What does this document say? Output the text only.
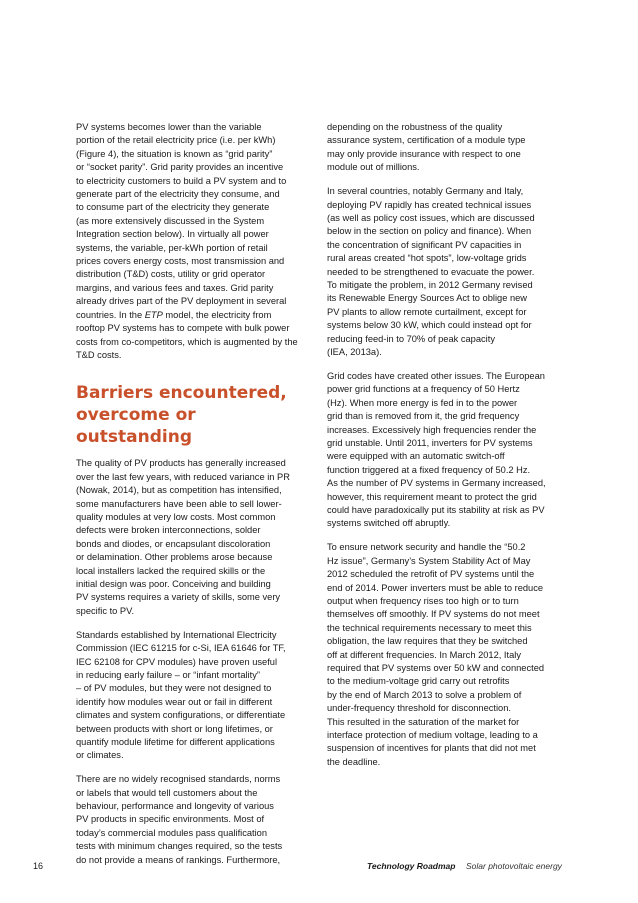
PV systems becomes lower than the variable
portion of the retail electricity price (i.e. per kWh)
(Figure 4), the situation is known as “grid parity”
or “socket parity”. Grid parity provides an incentive
to electricity customers to build a PV system and to
generate part of the electricity they consume, and
to consume part of the electricity they generate
(as more extensively discussed in the System
Integration section below). In virtually all power
systems, the variable, per-kWh portion of retail
prices covers energy costs, most transmission and
distribution (T&D) costs, utility or grid operator
margins, and various fees and taxes. Grid parity
already drives part of the PV deployment in several
countries. In the ETP model, the electricity from
rooftop PV systems has to compete with bulk power
costs from co-competitors, which is augmented by the
T&D costs.

Barriers encountered,
overcome or outstanding

The quality of PV products has generally increased
over the last few years, with reduced variance in PR
(Nowak, 2014), but as competition has intensified,
some manufacturers have been able to sell lower-
quality modules at very low costs. Most common
defects were broken interconnections, solder
bonds and diodes, or encapsulant discoloration
or delamination. Other problems arose because
local installers lacked the required skills or the
initial design was poor. Conceiving and building
PV systems requires a variety of skills, some very
specific to PV.

Standards established by International Electricity
Commission (IEC 61215 for c-Si, IEA 61646 for TF,
IEC 62108 for CPV modules) have proven useful
in reducing early failure – or “infant mortality”
– of PV modules, but they were not designed to
identify how modules wear out or fail in different
climates and system configurations, or differentiate
between products with short or long lifetimes, or
quantify module lifetime for different applications
or climates.

There are no widely recognised standards, norms
or labels that would tell customers about the
behaviour, performance and longevity of various
PV products in specific environments. Most of
today’s commercial modules pass qualification
tests with minimum changes required, so the tests
do not provide a means of rankings. Furthermore,

depending on the robustness of the quality
assurance system, certification of a module type
may only provide insurance with respect to one
module out of millions.

In several countries, notably Germany and Italy,
deploying PV rapidly has created technical issues
(as well as policy cost issues, which are discussed
below in the section on policy and finance). When
the concentration of significant PV capacities in
rural areas created “hot spots”, low-voltage grids
needed to be strengthened to evacuate the power.
To mitigate the problem, in 2012 Germany revised
its Renewable Energy Sources Act to oblige new
PV plants to allow remote curtailment, except for
systems below 30 kW, which could instead opt for
reducing feed-in to 70% of peak capacity
(IEA, 2013a).

Grid codes have created other issues. The European
power grid functions at a frequency of 50 Hertz
(Hz). When more energy is fed in to the power
grid than is removed from it, the grid frequency
increases. Excessively high frequencies render the
grid unstable. Until 2011, inverters for PV systems
were equipped with an automatic switch-off
function triggered at a fixed frequency of 50.2 Hz.
As the number of PV systems in Germany increased,
however, this requirement meant to protect the grid
could have paradoxically put its stability at risk as PV
systems switched off abruptly.

To ensure network security and handle the “50.2
Hz issue”, Germany’s System Stability Act of May
2012 scheduled the retrofit of PV systems until the
end of 2014. Power inverters must be able to reduce
output when frequency rises too high or to turn
themselves off smoothly. If PV systems do not meet
the technical requirements necessary to meet this
obligation, the law requires that they be switched
off at different frequencies. In March 2012, Italy
required that PV systems over 50 kW and connected
to the medium-voltage grid carry out retrofits
by the end of March 2013 to solve a problem of
under-frequency threshold for disconnection.
This resulted in the saturation of the market for
interface protection of medium voltage, leading to a
suspension of incentives for plants that did not met
the deadline.

16	Technology Roadmap Solar photovoltaic energy
